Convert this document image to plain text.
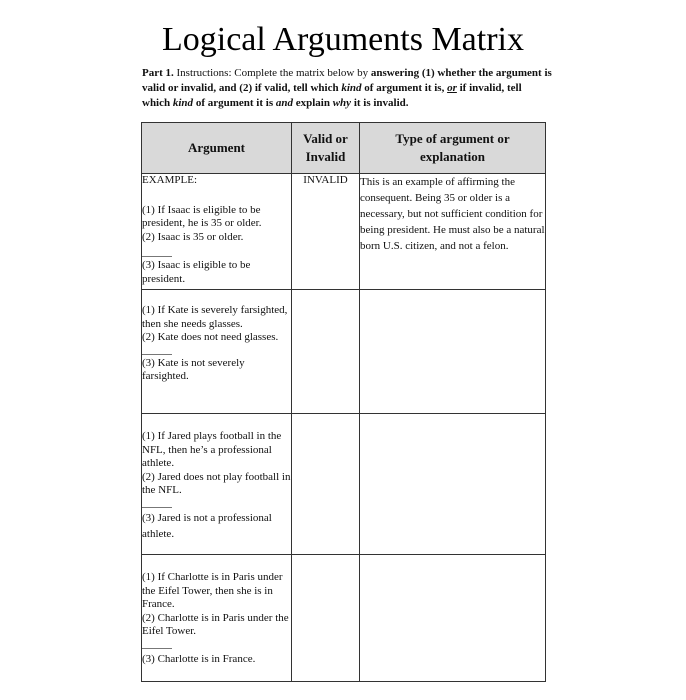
Logical Arguments Matrix
Part 1. Instructions: Complete the matrix below by answering (1) whether the argument is valid or invalid, and (2) if valid, tell which kind of argument it is, or if invalid, tell which kind of argument it is and explain why it is invalid.
Argument	Valid or Invalid	Type of argument or explanation

EXAMPLE:
(1) If Isaac is eligible to be president, he is 35 or older.
(2) Isaac is 35 or older.
(3) Isaac is eligible to be president.	INVALID	This is an example of affirming the consequent. Being 35 or older is a necessary, but not sufficient condition for being president. He must also be a natural born U.S. citizen, and not a felon.

(1) If Kate is severely farsighted, then she needs glasses.
(2) Kate does not need glasses.
(3) Kate is not severely farsighted.		

(1) If Jared plays football in the NFL, then he’s a professional athlete.
(2) Jared does not play football in the NFL.
(3) Jared is not a professional athlete.		

(1) If Charlotte is in Paris under the Eifel Tower, then she is in France.
(2) Charlotte is in Paris under the Eifel Tower.
(3) Charlotte is in France.		
